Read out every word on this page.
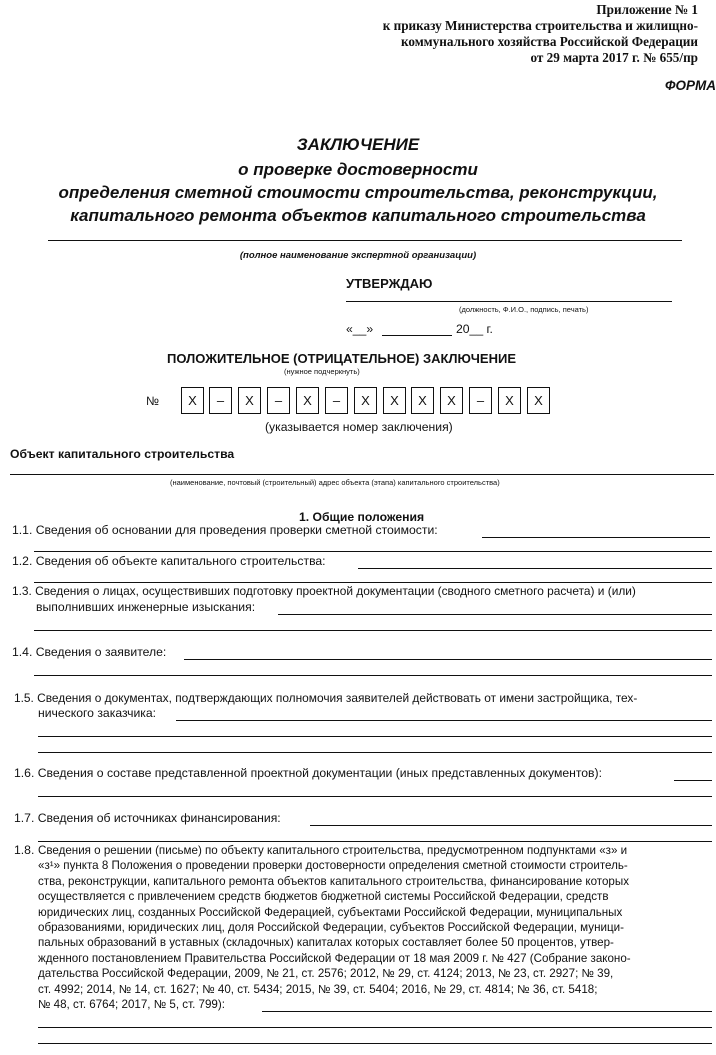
Приложение № 1
к приказу Министерства строительства и жилищно-
коммунального хозяйства Российской Федерации
от 29 марта 2017 г. № 655/пр
ФОРМА
ЗАКЛЮЧЕНИЕ
о проверке достоверности
определения сметной стоимости строительства, реконструкции,
капитального ремонта объектов капитального строительства
(полное наименование экспертной организации)
УТВЕРЖДАЮ
(должность, Ф.И.О., подпись, печать)
«__»	20__ г.
ПОЛОЖИТЕЛЬНОЕ (ОТРИЦАТЕЛЬНОЕ) ЗАКЛЮЧЕНИЕ
(нужное подчеркнуть)
№	X	–	X	–	X	–	X	X	X	X	–	X	X
(указывается номер заключения)
Объект капитального строительства
(наименование, почтовый (строительный) адрес объекта (этапа) капитального строительства)
1. Общие положения
1.1. Сведения об основании для проведения проверки сметной стоимости:
1.2. Сведения об объекте капитального строительства:
1.3. Сведения о лицах, осуществивших подготовку проектной документации (сводного сметного расчета) и (или)
выполнивших инженерные изыскания:
1.4. Сведения о заявителе:
1.5. Сведения о документах, подтверждающих полномочия заявителей действовать от имени застройщика, тех-
нического заказчика:
1.6. Сведения о составе представленной проектной документации (иных представленных документов):
1.7. Сведения об источниках финансирования:
1.8. Сведения о решении (письме) по объекту капитального строительства, предусмотренном подпунктами «з» и
«з¹» пункта 8 Положения о проведении проверки достоверности определения сметной стоимости строитель-
ства, реконструкции, капитального ремонта объектов капитального строительства, финансирование которых
осуществляется с привлечением средств бюджетов бюджетной системы Российской Федерации, средств
юридических лиц, созданных Российской Федерацией, субъектами Российской Федерации, муниципальных
образованиями, юридических лиц, доля Российской Федерации, субъектов Российской Федерации, муници-
пальных образований в уставных (складочных) капиталах которых составляет более 50 процентов, утвер-
жденного постановлением Правительства Российской Федерации от 18 мая 2009 г. № 427 (Собрание законо-
дательства Российской Федерации, 2009, № 21, ст. 2576; 2012, № 29, ст. 4124; 2013, № 23, ст. 2927; № 39,
ст. 4992; 2014, № 14, ст. 1627; № 40, ст. 5434; 2015, № 39, ст. 5404; 2016, № 29, ст. 4814; № 36, ст. 5418;
№ 48, ст. 6764; 2017, № 5, ст. 799):
